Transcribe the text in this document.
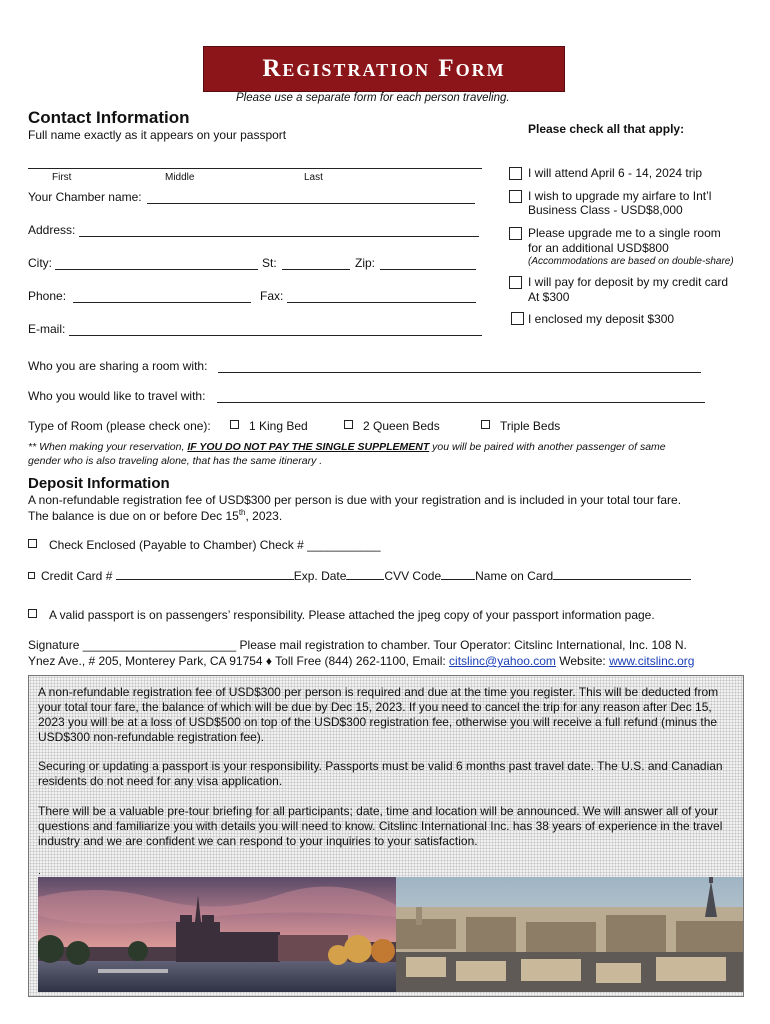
Registration Form
Please use a separate form for each person traveling.
Contact Information
Full name exactly as it appears on your passport
First	Middle	Last
Your Chamber name:
Address:
City:	St:	Zip:
Phone:	Fax:
E-mail:
Please check all that apply:
I will attend April 6 - 14, 2024 trip
I wish to upgrade my airfare to Int’l
Business Class - USD$8,000
Please upgrade me to a single room
for an additional USD$800
(Accommodations are based on double-share)
I will pay for deposit by my credit card
At $300
I enclosed my deposit $300
Who you are sharing a room with:
Who you would like to travel with:
Type of Room (please check one):	1 King Bed	2 Queen Beds	Triple Beds
** When making your reservation, IF YOU DO NOT PAY THE SINGLE SUPPLEMENT you will be paired with another passenger of same
gender who is also traveling alone, that has the same itinerary .
Deposit Information
A non-refundable registration fee of USD$300 per person is due with your registration and is included in your total tour fare.
The balance is due on or before Dec 15th, 2023.
Check Enclosed (Payable to Chamber) Check # ___________
Credit Card #	Exp. Date	CVV Code	Name on Card
A valid passport is on passengers’ responsibility. Please attached the jpeg copy of your passport information page.
Signature _______________________ Please mail registration to chamber. Tour Operator: Citslinc International, Inc. 108 N.
Ynez Ave., # 205, Monterey Park, CA 91754 ♦ Toll Free (844) 262-1100, Email: citslinc@yahoo.com Website: www.citslinc.org

A non-refundable registration fee of USD$300 per person is required and due at the time you register. This will be deducted from your total tour fare, the balance of which will be due by Dec 15, 2023. If you need to cancel the trip for any reason after Dec 15, 2023 you will be at a loss of USD$500 on top of the USD$300 registration fee, otherwise you will receive a full refund (minus the USD$300 non-refundable registration fee).

Securing or updating a passport is your responsibility. Passports must be valid 6 months past travel date. The U.S. and Canadian residents do not need for any visa application.

There will be a valuable pre-tour briefing for all participants; date, time and location will be announced. We will answer all of your questions and familiarize you with details you will need to know. Citslinc International Inc. has 38 years of experience in the travel industry and we are confident we can respond to your inquiries to your satisfaction.

.
